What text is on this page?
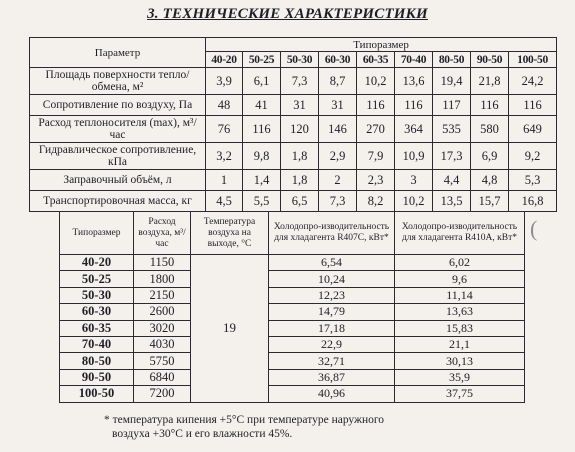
3. ТЕХНИЧЕСКИЕ ХАРАКТЕРИСТИКИ
Параметр	Типоразмер								
	40-20	50-25	50-30	60-30	60-35	70-40	80-50	90-50	100-50
Площадь поверхности тепло/обмена, м²	3,9	6,1	7,3	8,7	10,2	13,6	19,4	21,8	24,2
Сопротивление по воздуху, Па	48	41	31	31	116	116	117	116	116
Расход теплоносителя (max), м³/час	76	116	120	146	270	364	535	580	649
Гидравлическое сопротивление, кПа	3,2	9,8	1,8	2,9	7,9	10,9	17,3	6,9	9,2
Заправочный объём, л	1	1,4	1,8	2	2,3	3	4,4	4,8	5,3
Транспортировочная масса, кг	4,5	5,5	6,5	7,3	8,2	10,2	13,5	15,7	16,8
Типоразмер	Расход воздуха, м³/час	Температура воздуха на выходе, °С	Холодопро-изводительность для хладагента R407C, кВт*	Холодопро-изводительность для хладагента R410A, кВт*
40-20	1150	19	6,54	6,02
50-25	1800		10,24	9,6
50-30	2150		12,23	11,14
60-30	2600		14,79	13,63
60-35	3020		17,18	15,83
70-40	4030		22,9	21,1
80-50	5750		32,71	30,13
90-50	6840		36,87	35,9
100-50	7200		40,96	37,75
(

* температура кипения +5°С при температуре наружного
воздуха +30°С и его влажности 45%.
